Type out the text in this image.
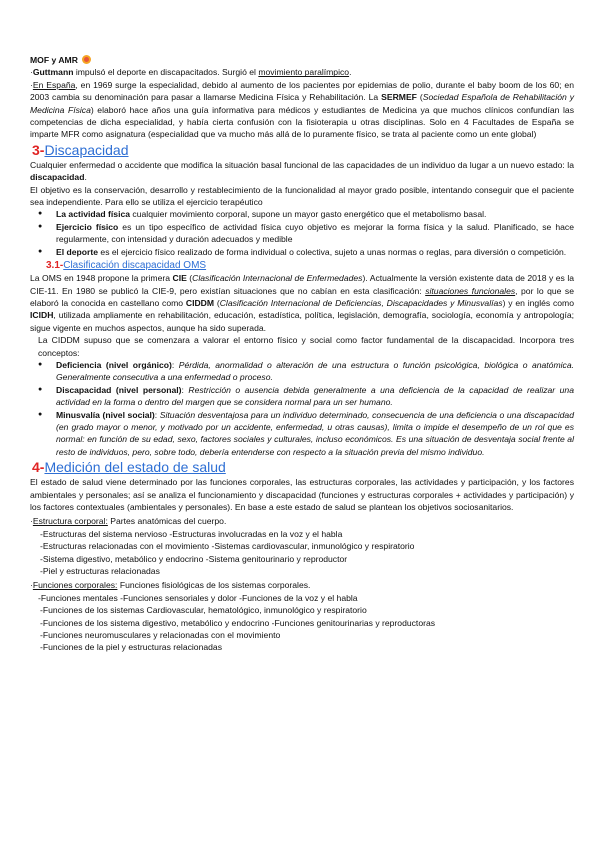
MOF y AMR

·Guttmann impulsó el deporte en discapacitados. Surgió el movimiento paralímpico.

·En España, en 1969 surge la especialidad, debido al aumento de los pacientes por epidemias de polio, durante el baby boom de los 60; en 2003 cambia su denominación para pasar a llamarse Medicina Física y Rehabilitación. La SERMEF (Sociedad Española de Rehabilitación y Medicina Física) elaboró hace años una guía informativa para médicos y estudiantes de Medicina ya que muchos clínicos confundían las competencias de dicha especialidad, y había cierta confusión con la fisioterapia u otras disciplinas. Solo en 4 Facultades de España se imparte MFR como asignatura (especialidad que va mucho más allá de lo puramente físico, se trata al paciente como un ente global)

3-Discapacidad

Cualquier enfermedad o accidente que modifica la situación basal funcional de las capacidades de un individuo da lugar a un nuevo estado: la discapacidad.

El objetivo es la conservación, desarrollo y restablecimiento de la funcionalidad al mayor grado posible, intentando conseguir que el paciente sea independiente. Para ello se utiliza el ejercicio terapéutico

● La actividad física cualquier movimiento corporal, supone un mayor gasto energético que el metabolismo basal.
● Ejercicio físico es un tipo específico de actividad física cuyo objetivo es mejorar la forma física y la salud. Planificado, se hace regularmente, con intensidad y duración adecuados y medible
● El deporte es el ejercicio físico realizado de forma individual o colectiva, sujeto a unas normas o reglas, para diversión o competición.
3.1-Clasificación discapacidad OMS

La OMS en 1948 propone la primera CIE (Clasificación Internacional de Enfermedades). Actualmente la versión existente data de 2018 y es la CIE-11. En 1980 se publicó la CIE-9, pero existían situaciones que no cabían en esta clasificación: situaciones funcionales, por lo que se elaboró la conocida en castellano como CIDDM (Clasificación Internacional de Deficiencias, Discapacidades y Minusvalías) y en inglés como ICIDH, utilizada ampliamente en rehabilitación, educación, estadística, política, legislación, demografía, sociología, economía y antropología; sigue vigente en muchos aspectos, aunque ha sido superada.

La CIDDM supuso que se comenzara a valorar el entorno físico y social como factor fundamental de la discapacidad. Incorpora tres conceptos:

● Deficiencia (nivel orgánico): Pérdida, anormalidad o alteración de una estructura o función psicológica, biológica o anatómica. Generalmente consecutiva a una enfermedad o proceso.
● Discapacidad (nivel personal): Restricción o ausencia debida generalmente a una deficiencia de la capacidad de realizar una actividad en la forma o dentro del margen que se considera normal para un ser humano.
● Minusvalía (nivel social): Situación desventajosa para un individuo determinado, consecuencia de una deficiencia o una discapacidad (en grado mayor o menor, y motivado por un accidente, enfermedad, u otras causas), limita o impide el desempeño de un rol que es normal: en función de su edad, sexo, factores sociales y culturales, incluso económicos. Es una situación de desventaja social frente al resto de individuos, pero, sobre todo, debería entenderse con respecto a la situación previa del mismo individuo.
4-Medición del estado de salud

El estado de salud viene determinado por las funciones corporales, las estructuras corporales, las actividades y participación, y los factores ambientales y personales; así se analiza el funcionamiento y discapacidad (funciones y estructuras corporales + actividades y participación) y los factores contextuales (ambientales y personales). En base a este estado de salud se plantean los objetivos sociosanitarios.

·Estructura corporal: Partes anatómicas del cuerpo.

-Estructuras del sistema nervioso -Estructuras involucradas en la voz y el habla

-Estructuras relacionadas con el movimiento -Sistemas cardiovascular, inmunológico y respiratorio

-Sistema digestivo, metabólico y endocrino -Sistema genitourinario y reproductor

-Piel y estructuras relacionadas

·Funciones corporales: Funciones fisiológicas de los sistemas corporales.

-Funciones mentales -Funciones sensoriales y dolor -Funciones de la voz y el habla

-Funciones de los sistemas Cardiovascular, hematológico, inmunológico y respiratorio

-Funciones de los sistema digestivo, metabólico y endocrino -Funciones genitourinarias y reproductoras

-Funciones neuromusculares y relacionadas con el movimiento

-Funciones de la piel y estructuras relacionadas
